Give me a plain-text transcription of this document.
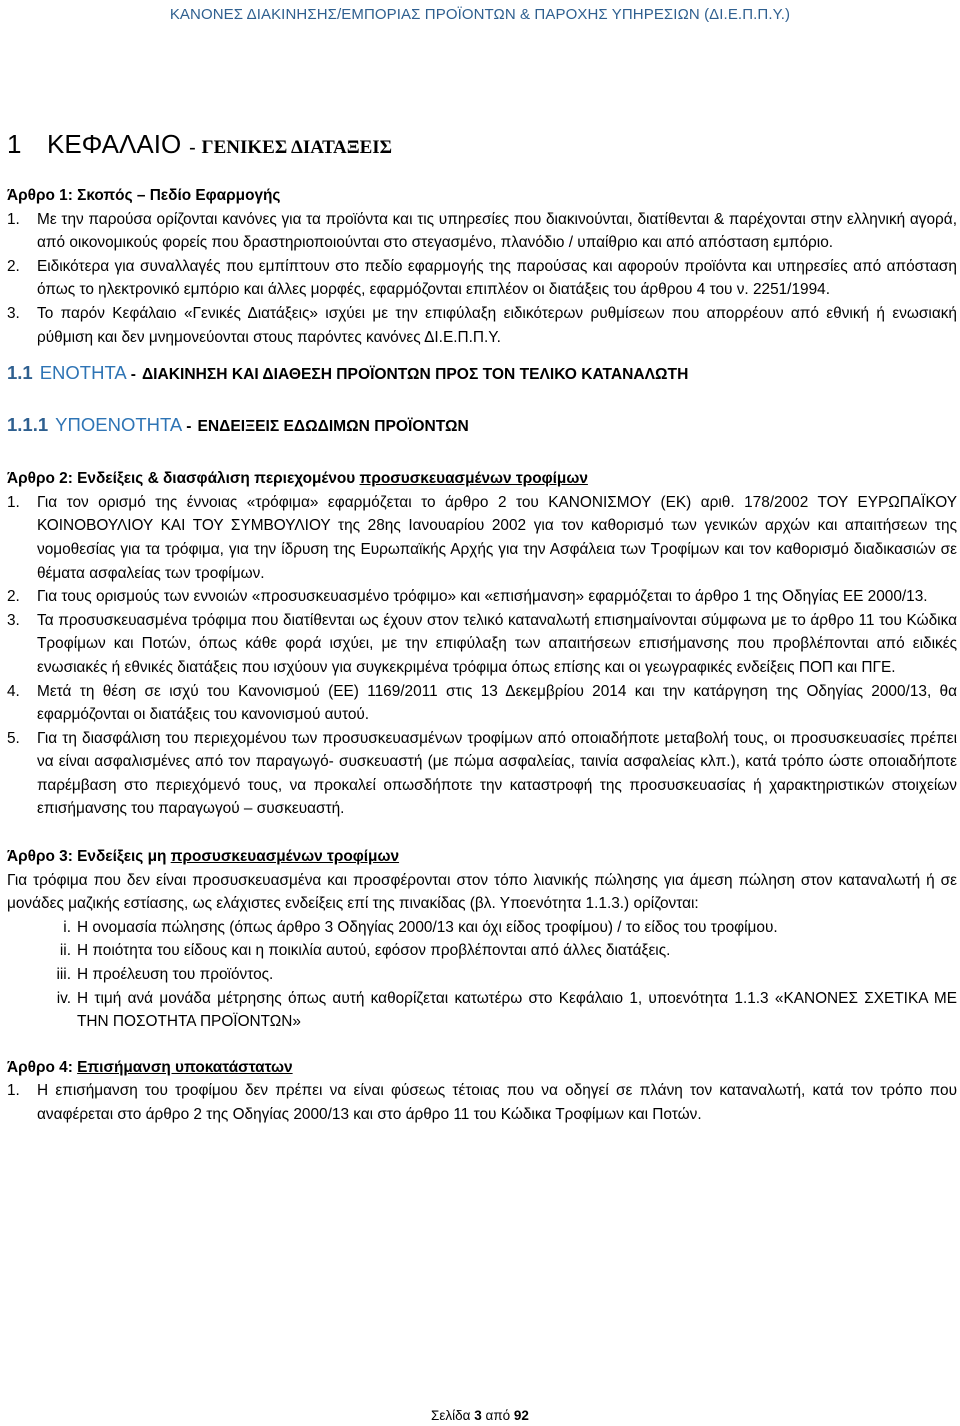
ΚΑΝΟΝΕΣ ΔΙΑΚΙΝΗΣΗΣ/ΕΜΠΟΡΙΑΣ ΠΡΟΪΟΝΤΩΝ & ΠΑΡΟΧΗΣ ΥΠΗΡΕΣΙΩΝ (ΔΙ.Ε.Π.Π.Υ.)
1 ΚΕΦΑΛΑΙΟ - ΓΕΝΙΚΕΣ ΔΙΑΤΑΞΕΙΣ
Άρθρο 1: Σκοπός – Πεδίο Εφαρμογής
1.	Με την παρούσα ορίζονται κανόνες για τα προϊόντα και τις υπηρεσίες που διακινούνται, διατίθενται & παρέχονται στην ελληνική αγορά, από οικονομικούς φορείς που δραστηριοποιούνται στο στεγασμένο, πλανόδιο / υπαίθριο και από απόσταση εμπόριο.
2.	Ειδικότερα για συναλλαγές που εμπίπτουν στο πεδίο εφαρμογής της παρούσας και αφορούν προϊόντα και υπηρεσίες από απόσταση όπως το ηλεκτρονικό εμπόριο και άλλες μορφές, εφαρμόζονται επιπλέον οι διατάξεις του άρθρου 4 του ν. 2251/1994.
3.	Το παρόν Κεφάλαιο «Γενικές Διατάξεις» ισχύει με την επιφύλαξη ειδικότερων ρυθμίσεων που απορρέουν από εθνική ή ενωσιακή ρύθμιση και δεν μνημονεύονται στους παρόντες κανόνες ΔΙ.Ε.Π.Π.Υ.
1.1 ΕΝΟΤΗΤΑ - ΔΙΑΚΙΝΗΣΗ ΚΑΙ ΔΙΑΘΕΣΗ ΠΡΟΪΟΝΤΩΝ ΠΡΟΣ ΤΟΝ ΤΕΛΙΚΟ ΚΑΤΑΝΑΛΩΤΗ
1.1.1 ΥΠΟΕΝΟΤΗΤΑ - ΕΝΔΕΙΞΕΙΣ ΕΔΩΔΙΜΩΝ ΠΡΟΪΟΝΤΩΝ
Άρθρο 2: Ενδείξεις & διασφάλιση περιεχομένου προσυσκευασμένων τροφίμων
1.	Για τον ορισμό της έννοιας «τρόφιμα» εφαρμόζεται το άρθρο 2 του ΚΑΝΟΝΙΣΜΟΥ (ΕΚ) αριθ. 178/2002 ΤΟΥ ΕΥΡΩΠΑΪΚΟΥ ΚΟΙΝΟΒΟΥΛΙΟΥ ΚΑΙ ΤΟΥ ΣΥΜΒΟΥΛΙΟΥ της 28ης Ιανουαρίου 2002 για τον καθορισμό των γενικών αρχών και απαιτήσεων της νομοθεσίας για τα τρόφιμα, για την ίδρυση της Ευρωπαϊκής Αρχής για την Ασφάλεια των Τροφίμων και τον καθορισμό διαδικασιών σε θέματα ασφαλείας των τροφίμων.
2.	Για τους ορισμούς των εννοιών «προσυσκευασμένο τρόφιμο» και «επισήμανση» εφαρμόζεται το άρθρο 1 της Οδηγίας ΕΕ 2000/13.
3.	Τα προσυσκευασμένα τρόφιμα που διατίθενται ως έχουν στον τελικό καταναλωτή επισημαίνονται σύμφωνα με το άρθρο 11 του Κώδικα Τροφίμων και Ποτών, όπως κάθε φορά ισχύει, με την επιφύλαξη των απαιτήσεων επισήμανσης που προβλέπονται από ειδικές ενωσιακές ή εθνικές διατάξεις που ισχύουν για συγκεκριμένα τρόφιμα όπως επίσης και οι γεωγραφικές ενδείξεις ΠΟΠ και ΠΓΕ.
4.	Μετά τη θέση σε ισχύ του Κανονισμού (ΕΕ) 1169/2011 στις 13 Δεκεμβρίου 2014 και την κατάργηση της Οδηγίας 2000/13, θα εφαρμόζονται οι διατάξεις του κανονισμού αυτού.
5.	Για τη διασφάλιση του περιεχομένου των προσυσκευασμένων τροφίμων από οποιαδήποτε μεταβολή τους, οι προσυσκευασίες πρέπει να είναι ασφαλισμένες από τον παραγωγό- συσκευαστή (με πώμα ασφαλείας, ταινία ασφαλείας κλπ.), κατά τρόπο ώστε οποιαδήποτε παρέμβαση στο περιεχόμενό τους, να προκαλεί οπωσδήποτε την καταστροφή της προσυσκευασίας ή χαρακτηριστικών στοιχείων επισήμανσης του παραγωγού – συσκευαστή.
Άρθρο 3: Ενδείξεις μη προσυσκευασμένων τροφίμων

Για τρόφιμα που δεν είναι προσυσκευασμένα και προσφέρονται στον τόπο λιανικής πώλησης για άμεση πώληση στον καταναλωτή ή σε μονάδες μαζικής εστίασης, ως ελάχιστες ενδείξεις επί της πινακίδας (βλ. Υποενότητα 1.1.3.) ορίζονται:

i. Η ονομασία πώλησης (όπως άρθρο 3 Οδηγίας 2000/13 και όχι είδος τροφίμου) / το είδος του τροφίμου.
ii. Η ποιότητα του είδους και η ποικιλία αυτού, εφόσον προβλέπονται από άλλες διατάξεις.
iii. Η προέλευση του προϊόντος.
iv. Η τιμή ανά μονάδα μέτρησης όπως αυτή καθορίζεται κατωτέρω στο Κεφάλαιο 1, υποενότητα 1.1.3 «ΚΑΝΟΝΕΣ ΣΧΕΤΙΚΑ ΜΕ ΤΗΝ ΠΟΣΟΤΗΤΑ ΠΡΟΪΟΝΤΩΝ»
Άρθρο 4: Επισήμανση υποκατάστατων
1.	Η επισήμανση του τροφίμου δεν πρέπει να είναι φύσεως τέτοιας που να οδηγεί σε πλάνη τον καταναλωτή, κατά τον τρόπο που αναφέρεται στο άρθρο 2 της Οδηγίας 2000/13 και στο άρθρο 11 του Κώδικα Τροφίμων και Ποτών.
Σελίδα 3 από 92
